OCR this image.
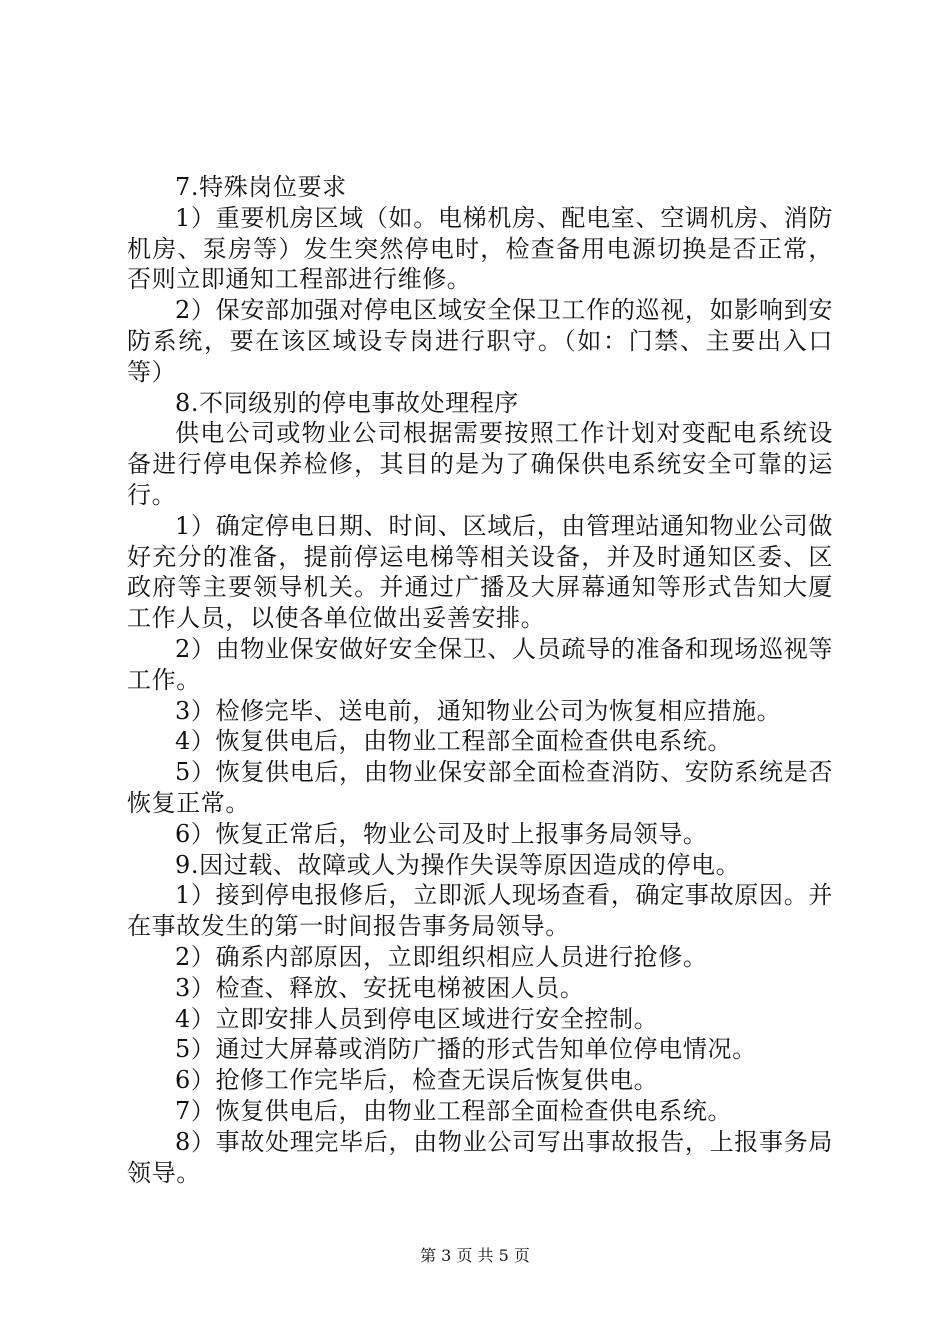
7.特殊岗位要求

1）重要机房区域（如。电梯机房、配电室、空调机房、消防机房、泵房等）发生突然停电时，检查备用电源切换是否正常，否则立即通知工程部进行维修。

2）保安部加强对停电区域安全保卫工作的巡视，如影响到安防系统，要在该区域设专岗进行职守。（如：门禁、主要出入口等）

8.不同级别的停电事故处理程序

供电公司或物业公司根据需要按照工作计划对变配电系统设备进行停电保养检修，其目的是为了确保供电系统安全可靠的运行。

1）确定停电日期、时间、区域后，由管理站通知物业公司做好充分的准备，提前停运电梯等相关设备，并及时通知区委、区政府等主要领导机关。并通过广播及大屏幕通知等形式告知大厦工作人员，以使各单位做出妥善安排。

2）由物业保安做好安全保卫、人员疏导的准备和现场巡视等工作。

3）检修完毕、送电前，通知物业公司为恢复相应措施。

4）恢复供电后，由物业工程部全面检查供电系统。

5）恢复供电后，由物业保安部全面检查消防、安防系统是否恢复正常。

6）恢复正常后，物业公司及时上报事务局领导。

9.因过载、故障或人为操作失误等原因造成的停电。

1）接到停电报修后，立即派人现场查看，确定事故原因。并在事故发生的第一时间报告事务局领导。

2）确系内部原因，立即组织相应人员进行抢修。

3）检查、释放、安抚电梯被困人员。

4）立即安排人员到停电区域进行安全控制。

5）通过大屏幕或消防广播的形式告知单位停电情况。

6）抢修工作完毕后，检查无误后恢复供电。

7）恢复供电后，由物业工程部全面检查供电系统。

8）事故处理完毕后，由物业公司写出事故报告，上报事务局领导。

第 3 页 共 5 页
